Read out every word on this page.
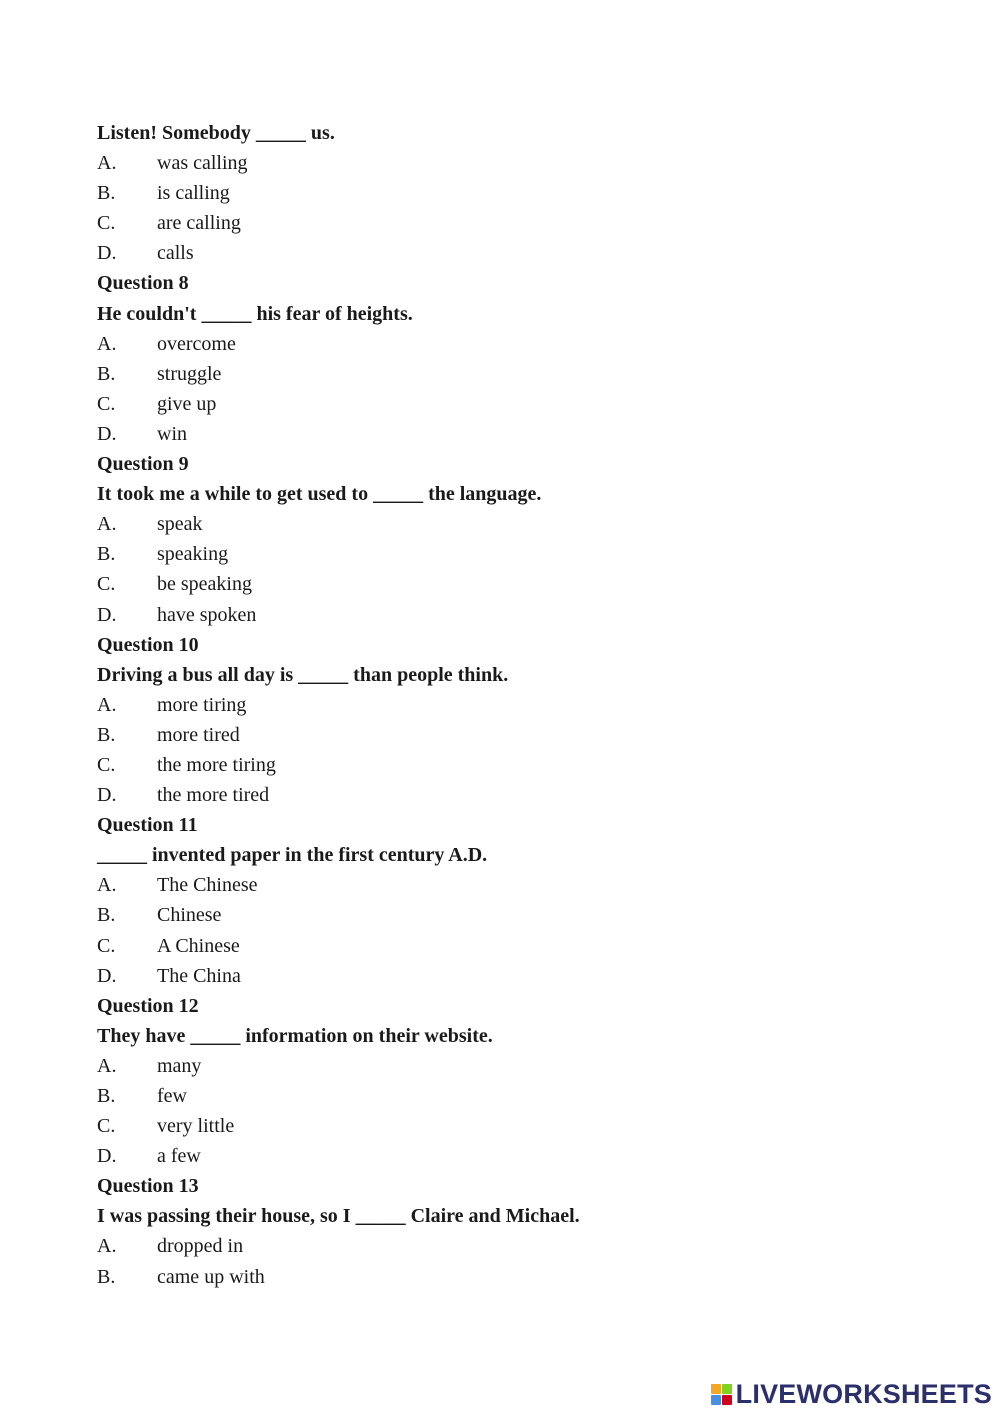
Listen! Somebody _____ us.
A.	was calling
B.	is calling
C.	are calling
D.	calls
Question 8
He couldn't _____ his fear of heights.
A.	overcome
B.	struggle
C.	give up
D.	win
Question 9
It took me a while to get used to _____ the language.
A.	speak
B.	speaking
C.	be speaking
D.	have spoken
Question 10
Driving a bus all day is _____ than people think.
A.	more tiring
B.	more tired
C.	the more tiring
D.	the more tired
Question 11
_____ invented paper in the first century A.D.
A.	The Chinese
B.	Chinese
C.	A Chinese
D.	The China
Question 12
They have _____ information on their website.
A.	many
B.	few
C.	very little
D.	a few
Question 13
I was passing their house, so I _____ Claire and Michael.
A.	dropped in
B.	came up with
LIVEWORKSHEETS
